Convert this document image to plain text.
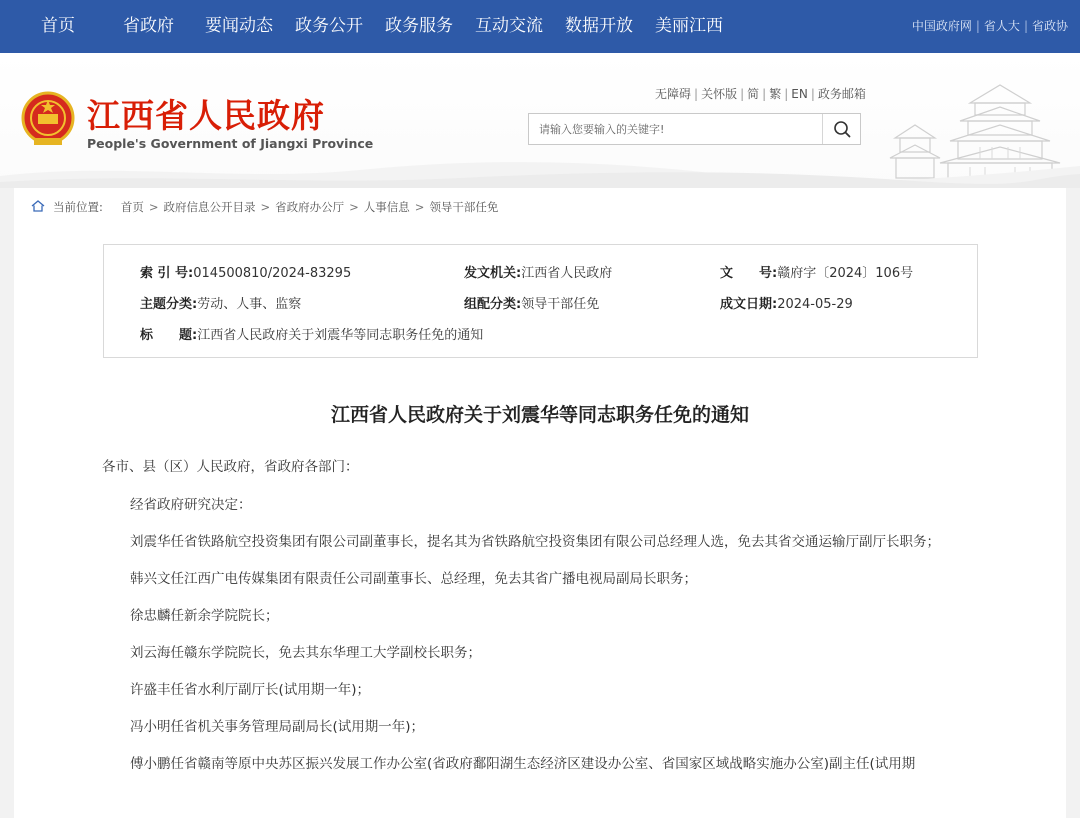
首页	省政府 要闻动态 政务公开 政务服务 互动交流 数据开放 美丽江西	中国政府网 | 省人大 | 省政协
江西省人民政府
People's Government of Jiangxi Province
无障碍 | 关怀版 | 简 | 繁 | EN | 政务邮箱
请输入您要输入的关键字!
当前位置: 首页 > 政府信息公开目录 > 省政府办公厅 > 人事信息 > 领导干部任免
索 引 号:014500810/2024-83295	发文机关:江西省人民政府	文　　号:赣府字〔2024〕106号
主题分类:劳动、人事、监察	组配分类:领导干部任免	成文日期:2024-05-29
标　　题:江西省人民政府关于刘震华等同志职务任免的通知
江西省人民政府关于刘震华等同志职务任免的通知

各市、县（区）人民政府，省政府各部门：

经省政府研究决定：

刘震华任省铁路航空投资集团有限公司副董事长，提名其为省铁路航空投资集团有限公司总经理人选，免去其省交通运输厅副厅长职务；

韩兴文任江西广电传媒集团有限责任公司副董事长、总经理，免去其省广播电视局副局长职务；

徐忠麟任新余学院院长；

刘云海任赣东学院院长，免去其东华理工大学副校长职务；

许盛丰任省水利厅副厅长(试用期一年)；

冯小明任省机关事务管理局副局长(试用期一年)；

傅小鹏任省赣南等原中央苏区振兴发展工作办公室(省政府鄱阳湖生态经济区建设办公室、省国家区域战略实施办公室)副主任(试用期
